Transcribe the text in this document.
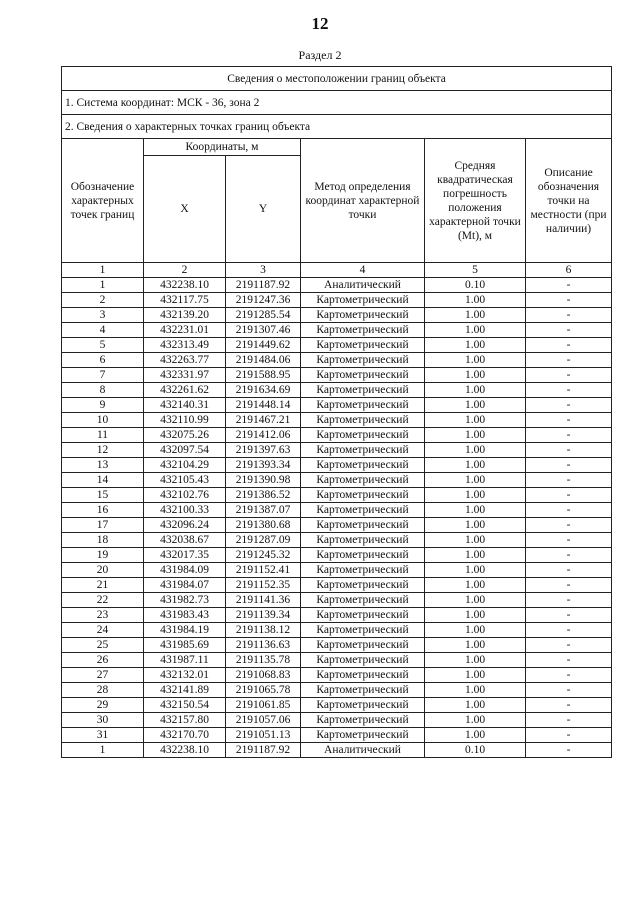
12
Раздел 2
Сведения о местоположении границ объекта					
1. Система координат: МСК - 36, зона 2					
2. Сведения о характерных точках границ объекта					
Обозначение характерных точек границ	Координаты, м		Метод определения координат характерной точки	Средняя квадратическая погрешность положения характерной точки (Mt), м	Описание обозначения точки на местности (при наличии)
	X	Y			
1	2	3	4	5	6
1	432238.10	2191187.92	Аналитический	0.10	-
2	432117.75	2191247.36	Картометрический	1.00	-
3	432139.20	2191285.54	Картометрический	1.00	-
4	432231.01	2191307.46	Картометрический	1.00	-
5	432313.49	2191449.62	Картометрический	1.00	-
6	432263.77	2191484.06	Картометрический	1.00	-
7	432331.97	2191588.95	Картометрический	1.00	-
8	432261.62	2191634.69	Картометрический	1.00	-
9	432140.31	2191448.14	Картометрический	1.00	-
10	432110.99	2191467.21	Картометрический	1.00	-
11	432075.26	2191412.06	Картометрический	1.00	-
12	432097.54	2191397.63	Картометрический	1.00	-
13	432104.29	2191393.34	Картометрический	1.00	-
14	432105.43	2191390.98	Картометрический	1.00	-
15	432102.76	2191386.52	Картометрический	1.00	-
16	432100.33	2191387.07	Картометрический	1.00	-
17	432096.24	2191380.68	Картометрический	1.00	-
18	432038.67	2191287.09	Картометрический	1.00	-
19	432017.35	2191245.32	Картометрический	1.00	-
20	431984.09	2191152.41	Картометрический	1.00	-
21	431984.07	2191152.35	Картометрический	1.00	-
22	431982.73	2191141.36	Картометрический	1.00	-
23	431983.43	2191139.34	Картометрический	1.00	-
24	431984.19	2191138.12	Картометрический	1.00	-
25	431985.69	2191136.63	Картометрический	1.00	-
26	431987.11	2191135.78	Картометрический	1.00	-
27	432132.01	2191068.83	Картометрический	1.00	-
28	432141.89	2191065.78	Картометрический	1.00	-
29	432150.54	2191061.85	Картометрический	1.00	-
30	432157.80	2191057.06	Картометрический	1.00	-
31	432170.70	2191051.13	Картометрический	1.00	-
1	432238.10	2191187.92	Аналитический	0.10	-
